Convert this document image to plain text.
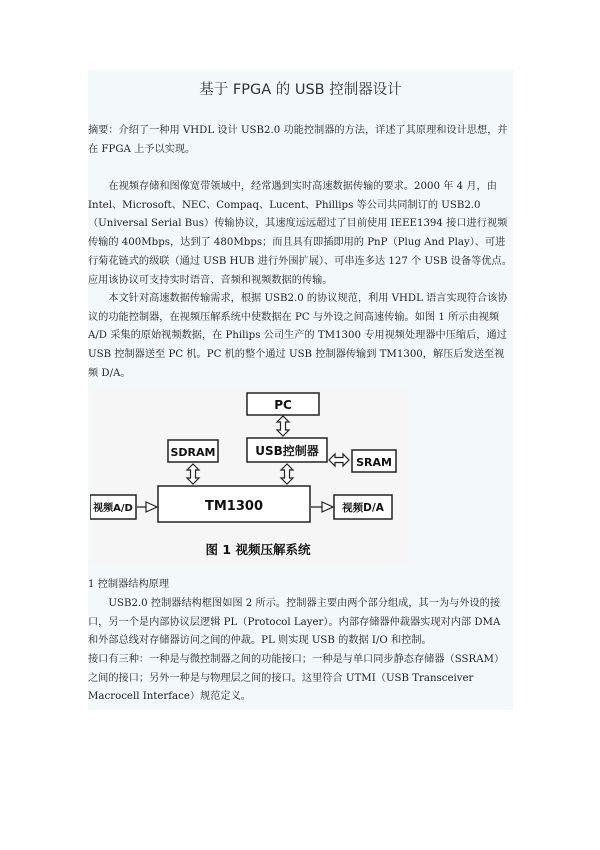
基于 FPGA 的 USB 控制器设计

摘要：介绍了一种用 VHDL 设计 USB2.0 功能控制器的方法，详述了其原理和设计思想，并在 FPGA 上予以实现。

在视频存储和图像宽带领域中，经常遇到实时高速数据传输的要求。2000 年 4 月，由 Intel、Microsoft、NEC、Compaq、Lucent、Phillips 等公司共同制订的 USB2.0（Universal Serial Bus）传输协议，其速度远远超过了目前使用 IEEE1394 接口进行视频传输的 400Mbps，达到了 480Mbps；而且具有即插即用的 PnP（Plug And Play）、可进行菊花链式的级联（通过 USB HUB 进行外围扩展）、可串连多达 127 个 USB 设备等优点。应用该协议可支持实时语音、音频和视频数据的传输。

本文针对高速数据传输需求，根据 USB2.0 的协议规范，利用 VHDL 语言实现符合该协议的功能控制器，在视频压解系统中使数据在 PC 与外设之间高速传输。如图 1 所示由视频 A/D 采集的原始视频数据，在 Philips 公司生产的 TM1300 专用视频处理器中压缩后，通过 USB 控制器送至 PC 机。PC 机的整个通过 USB 控制器传输到 TM1300，解压后发送至视频 D/A。

PC
USB控制器
SDRAM
SRAM
TM1300
视频A/D	视频D/A
图 1 视频压解系统
1 控制器结构原理

USB2.0 控制器结构框图如图 2 所示。控制器主要由两个部分组成，其一为与外设的接口，另一个是内部协议层逻辑 PL（Protocol Layer）。内部存储器仲裁器实现对内部 DMA 和外部总线对存储器访问之间的仲裁。PL 则实现 USB 的数据 I/O 和控制。

接口有三种：一种是与微控制器之间的功能接口；一种是与单口同步静态存储器（SSRAM）之间的接口；另外一种是与物理层之间的接口。这里符合 UTMI（USB Transceiver Macrocell Interface）规范定义。
